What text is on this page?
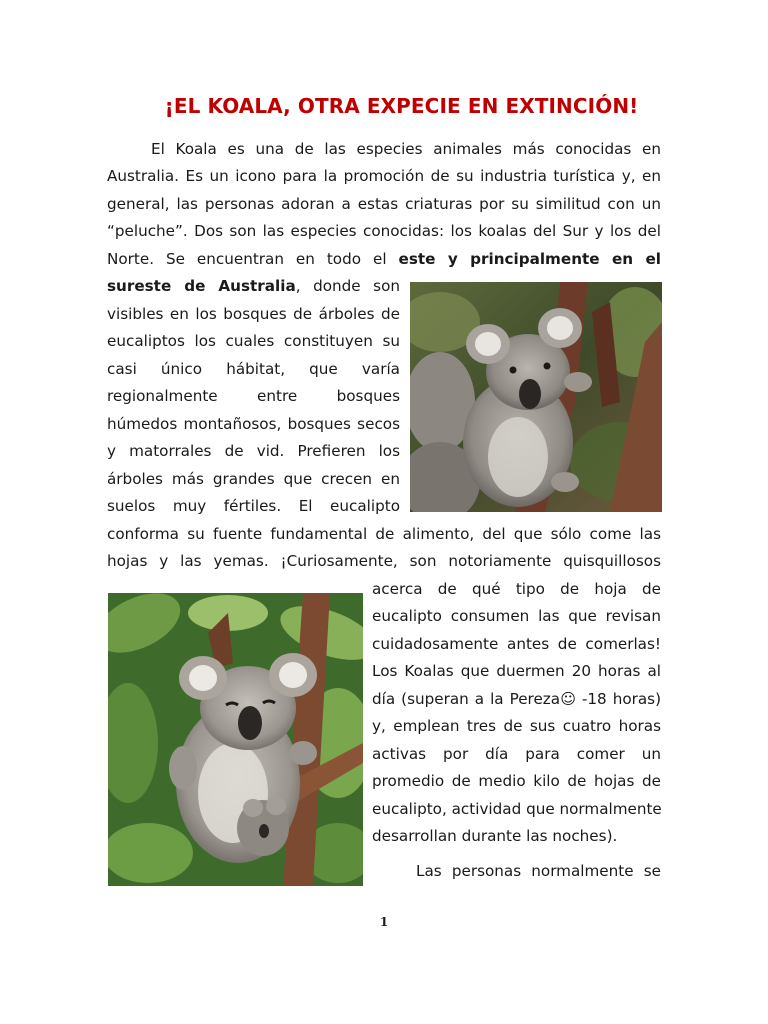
¡EL KOALA, OTRA EXPECIE EN EXTINCIÓN!
El Koala es una de las especies animales más conocidas en
Australia. Es un icono para la promoción de su industria turística y, en
general, las personas adoran a estas criaturas por su similitud con un
“peluche”. Dos son las especies conocidas: los koalas del Sur y los del
Norte. Se encuentran en todo el este y principalmente en el
sureste de Australia, donde son
visibles en los bosques de árboles de
eucaliptos los cuales constituyen su
casi único hábitat, que varía
regionalmente entre bosques
húmedos montañosos, bosques secos
y matorrales de vid. Prefieren los
árboles más grandes que crecen en
suelos muy fértiles. El eucalipto
conforma su fuente fundamental de alimento, del que sólo come las
hojas y las yemas. ¡Curiosamente, son notoriamente quisquillosos
acerca de qué tipo de hoja de
eucalipto consumen las que revisan
cuidadosamente antes de comerlas!
Los Koalas que duermen 20 horas al
día (superan a la Pereza☺ -18 horas)
y, emplean tres de sus cuatro horas
activas por día para comer un
promedio de medio kilo de hojas de
eucalipto, actividad que normalmente
desarrollan durante las noches).
Las personas normalmente se
1
